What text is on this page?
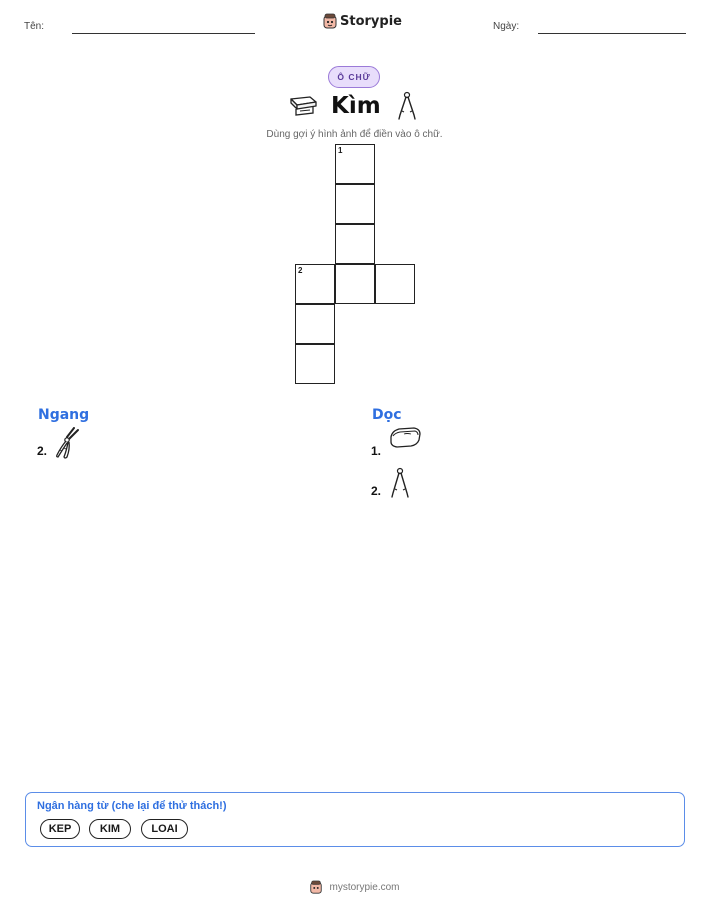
Tên:	Storypie	Ngày:
Ô CHỮ
Kìm
Dùng gợi ý hình ảnh để điền vào ô chữ.
1
2
Ngang
2.
Dọc
1.
2.
Ngân hàng từ (che lại để thử thách!)
KEP	KIM	LOAI
mystorypie.com
